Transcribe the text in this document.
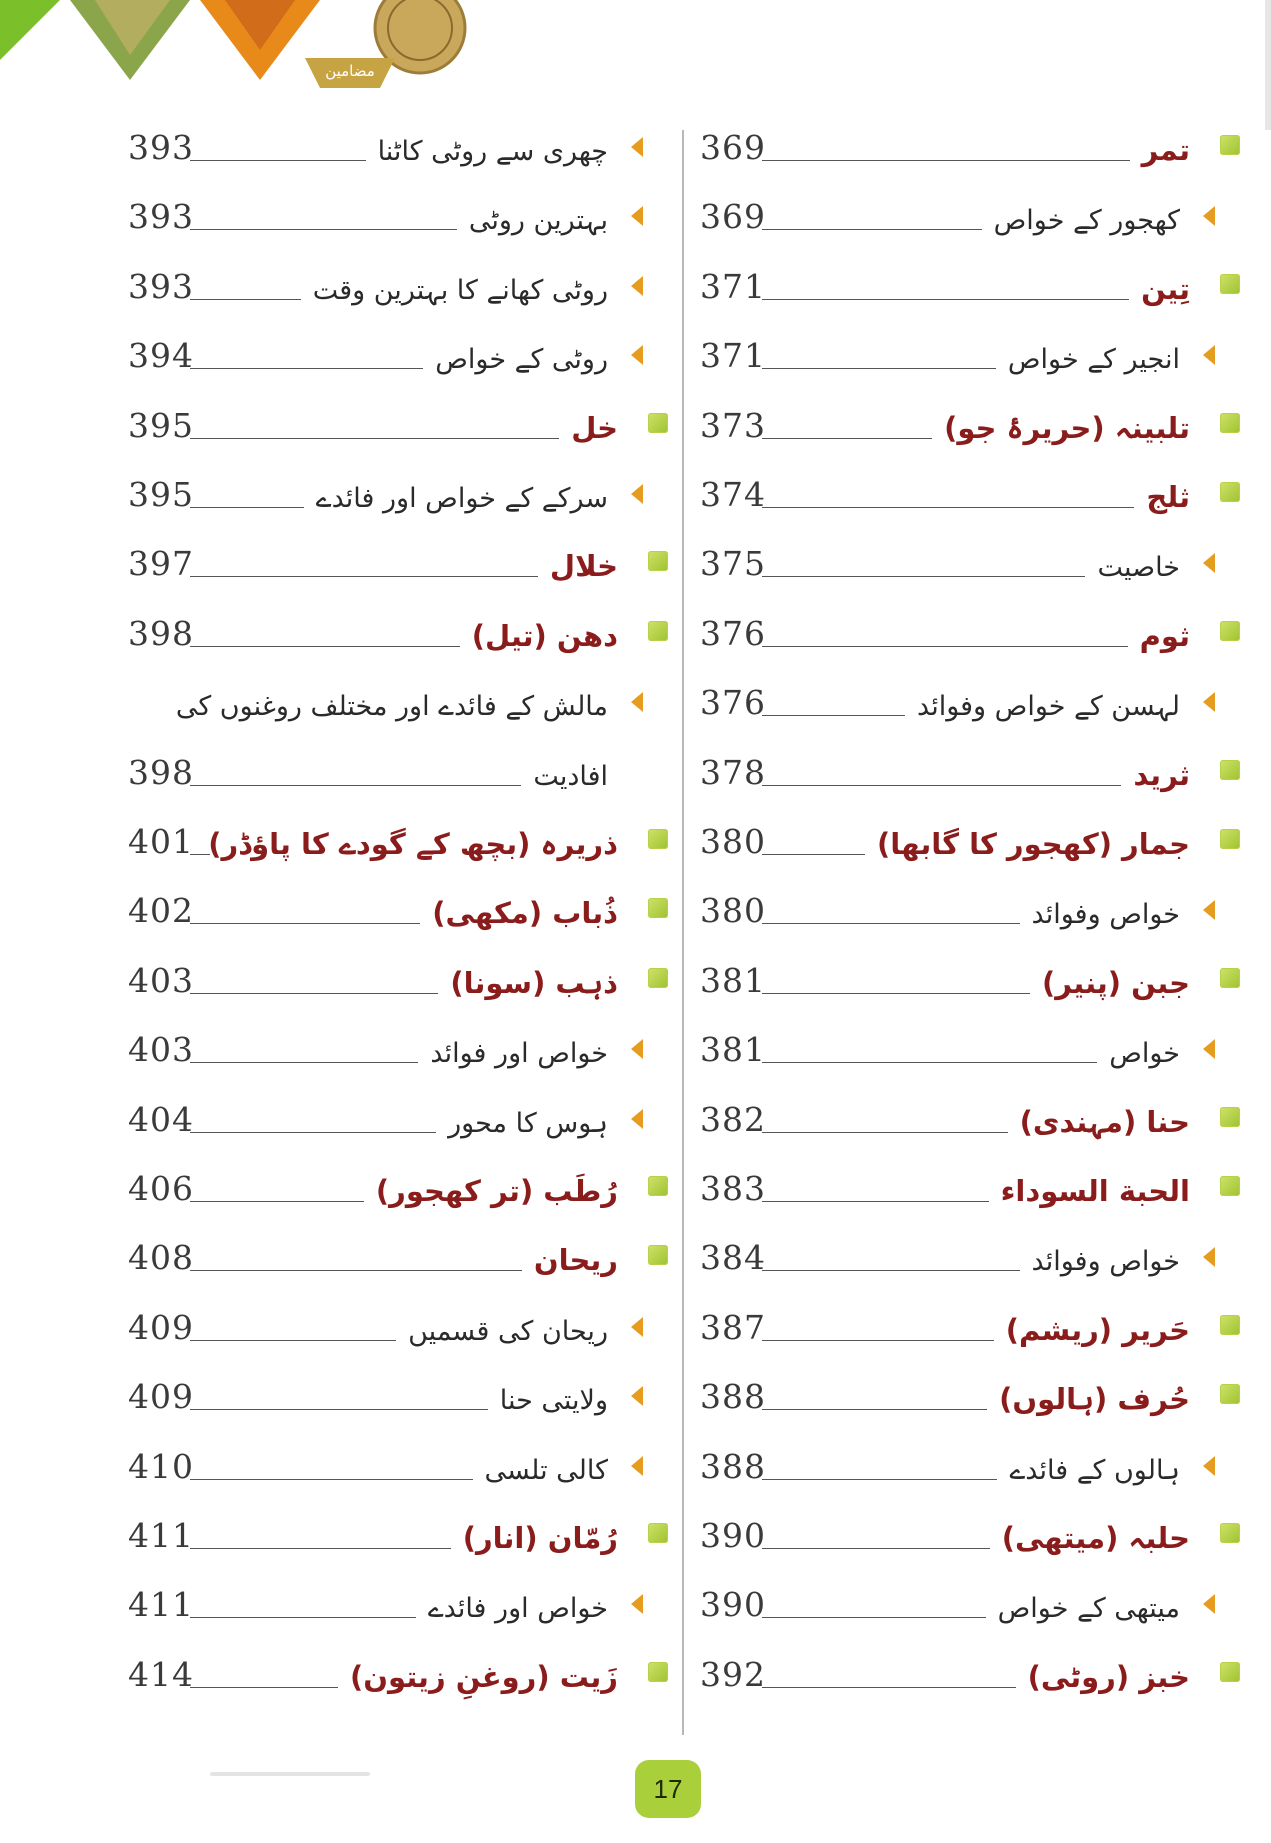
مضامین
تمر
369
کھجور کے خواص
369
تِین
371
انجیر کے خواص
371
تلبینہ (حریرۂ جو)
373
ثلج
374
خاصیت
375
ثوم
376
لہسن کے خواص وفوائد
376
ثرید
378
جمار (کھجور کا گابھا)
380
خواص وفوائد
380
جبن (پنیر)
381
خواص
381
حنا (مہندی)
382
الحبة السوداء
383
خواص وفوائد
384
حَریر (ریشم)
387
حُرف (ہالوں)
388
ہالوں کے فائدے
388
حلبہ (میتھی)
390
میتھی کے خواص
390
خبز (روٹی)
392
چھری سے روٹی کاٹنا
393
بہترین روٹی
393
روٹی کھانے کا بہترین وقت
393
روٹی کے خواص
394
خل
395
سرکے کے خواص اور فائدے
395
خلال
397
دھن (تیل)
398
مالش کے فائدے اور مختلف روغنوں کی
افادیت
398
ذریرہ (بچھ کے گودے کا پاؤڈر)
401
ذُباب (مکھی)
402
ذہب (سونا)
403
خواص اور فوائد
403
ہوس کا محور
404
رُطَب (تر کھجور)
406
ریحان
408
ریحان کی قسمیں
409
ولایتی حنا
409
کالی تلسی
410
رُمّان (انار)
411
خواص اور فائدے
411
زَیت (روغنِ زیتون)
414
17
